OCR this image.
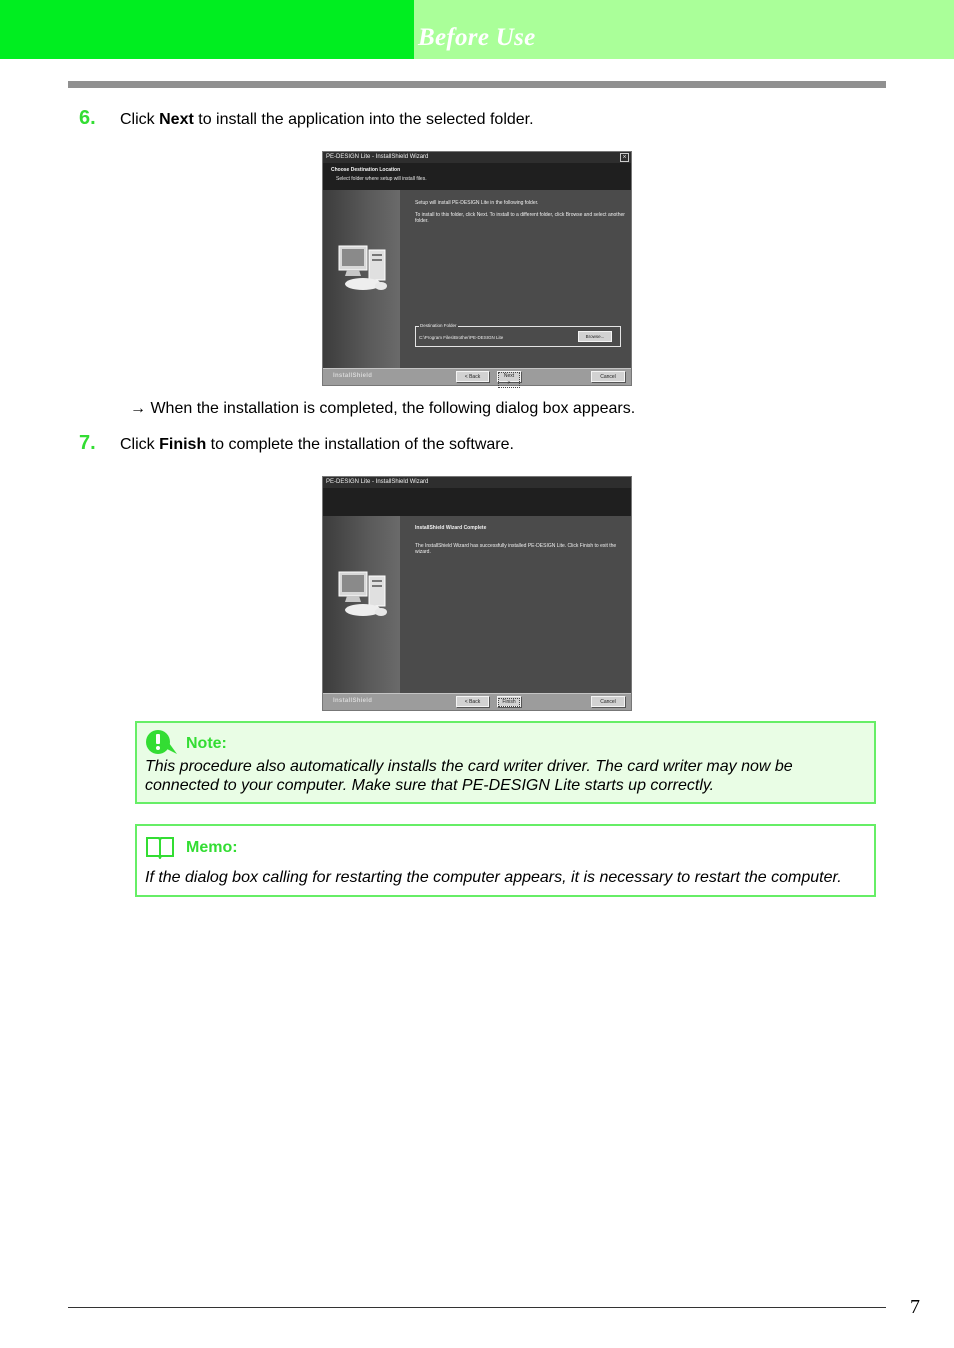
Before Use
6. Click Next to install the application into the selected folder.
PE-DESIGN Lite - InstallShield Wizard	×
Choose Destination Location
Select folder where setup will install files.
Setup will install PE-DESIGN Lite in the following folder.
To install to this folder, click Next. To install to a different folder, click Browse and select another folder.
Destination Folder
C:\Program Files\Brother\PE-DESIGN Lite	Browse...
InstallShield	< Back	Next >
Cancel
→ When the installation is completed, the following dialog box appears.
7. Click Finish to complete the installation of the software.
PE-DESIGN Lite - InstallShield Wizard
InstallShield Wizard Complete
The InstallShield Wizard has successfully installed PE-DESIGN Lite. Click Finish to exit the wizard.
InstallShield	< Back	Finish	Cancel
Note:
This procedure also automatically installs the card writer driver. The card writer may now be
connected to your computer. Make sure that PE-DESIGN Lite starts up correctly.
Memo:
If the dialog box calling for restarting the computer appears, it is necessary to restart the computer.
7
